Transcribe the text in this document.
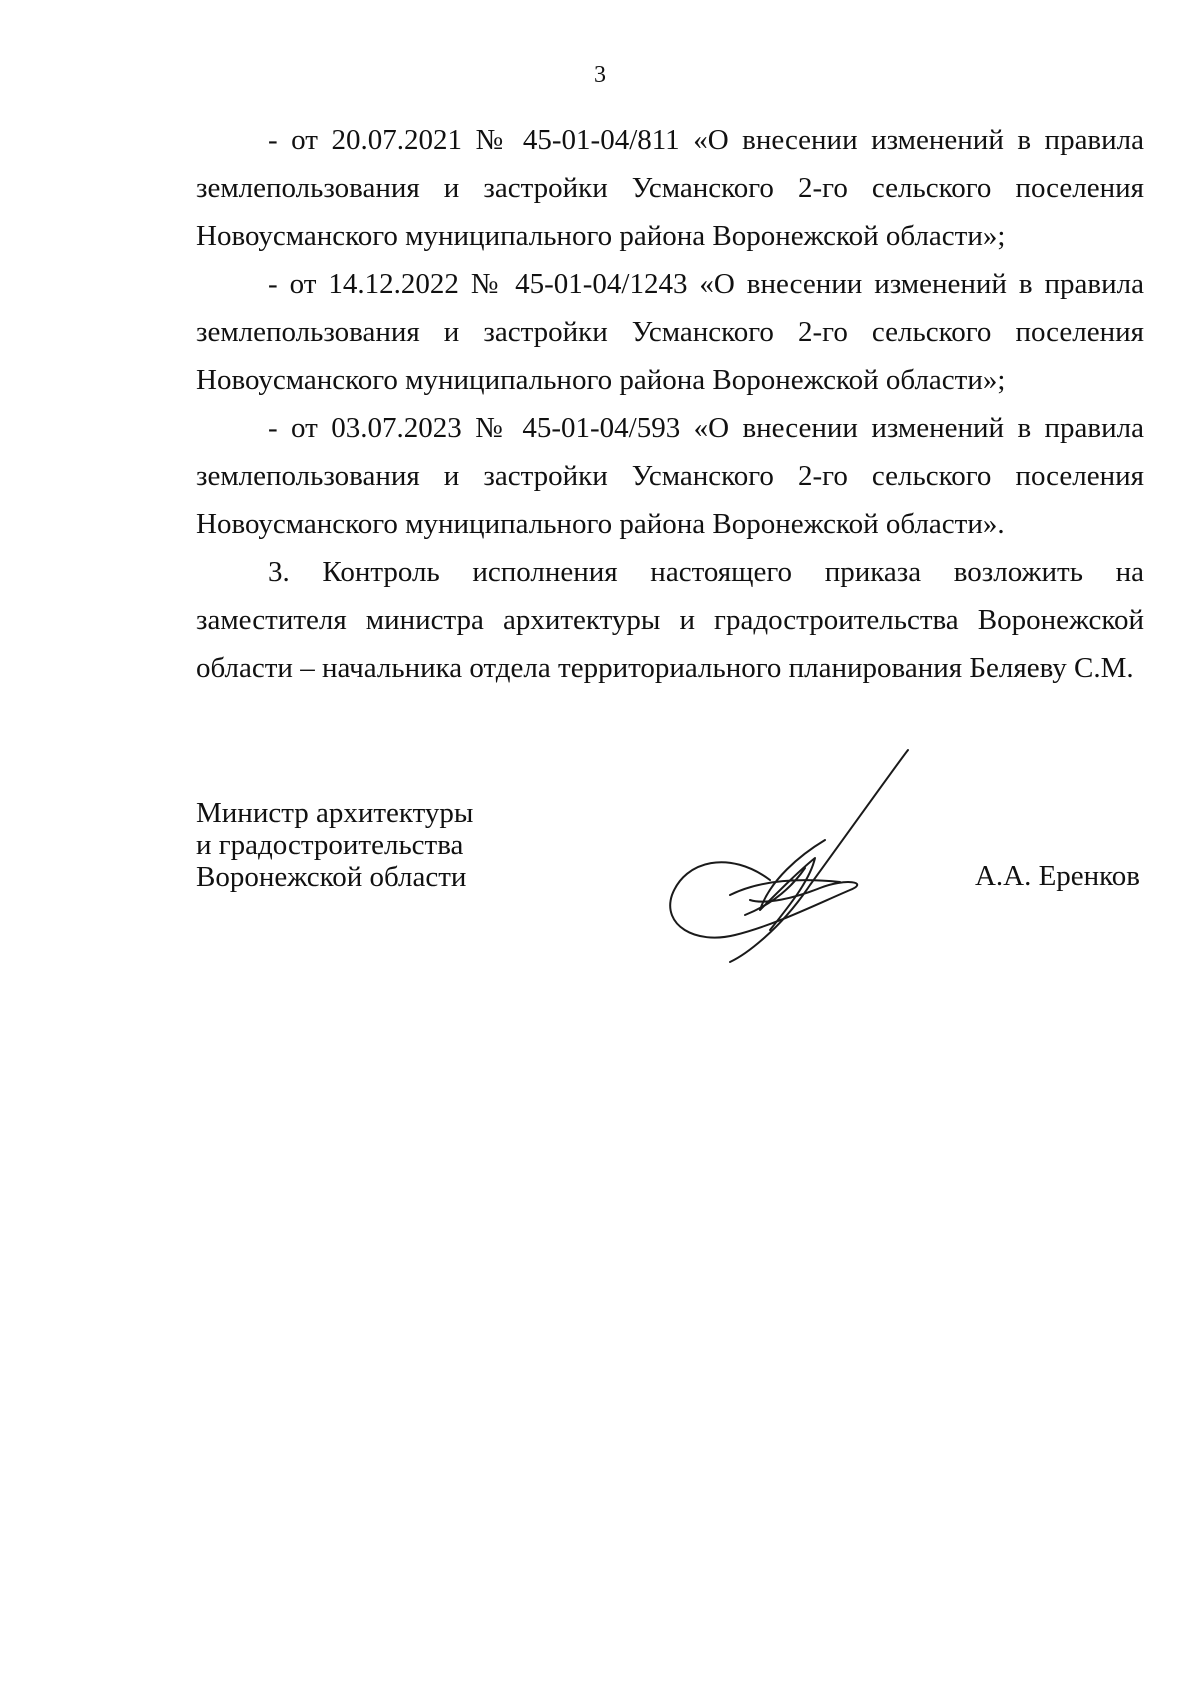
3

- от 20.07.2021 № 45-01-04/811 «О внесении изменений в правила землепользования и застройки Усманского 2-го сельского поселения Новоусманского муниципального района Воронежской области»;

- от 14.12.2022 № 45-01-04/1243 «О внесении изменений в правила землепользования и застройки Усманского 2-го сельского поселения Новоусманского муниципального района Воронежской области»;

- от 03.07.2023 № 45-01-04/593 «О внесении изменений в правила землепользования и застройки Усманского 2-го сельского поселения Новоусманского муниципального района Воронежской области».

3. Контроль исполнения настоящего приказа возложить на заместителя министра архитектуры и градостроительства Воронежской области – начальника отдела территориального планирования Беляеву С.М.

Министр архитектуры
и градостроительства
Воронежской области	А.А. Еренков
